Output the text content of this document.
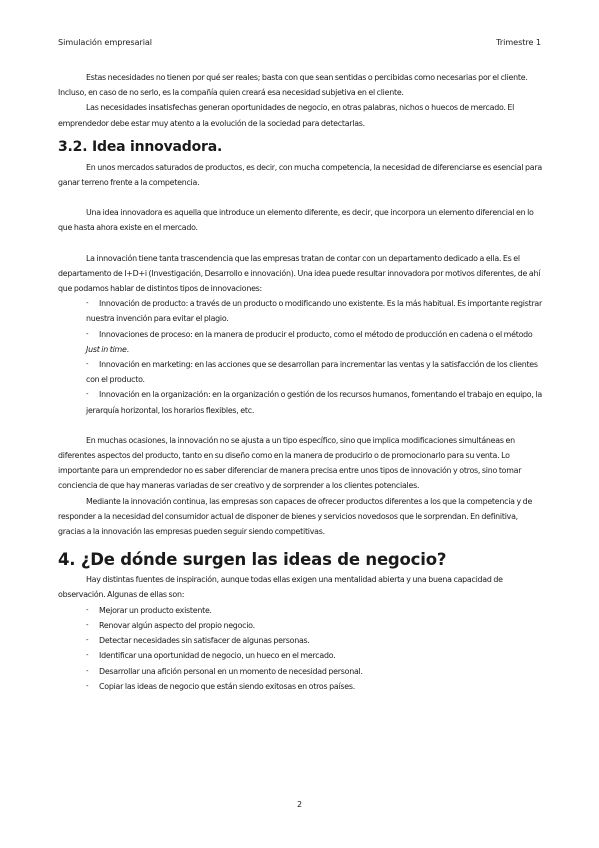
Simulación empresarial	Trimestre 1

Estas necesidades no tienen por qué ser reales; basta con que sean sentidas o percibidas como necesarias por el cliente. Incluso, en caso de no serlo, es la compañía quien creará esa necesidad subjetiva en el cliente.

Las necesidades insatisfechas generan oportunidades de negocio, en otras palabras, nichos o huecos de mercado. El emprendedor debe estar muy atento a la evolución de la sociedad para detectarlas.

3.2. Idea innovadora.

En unos mercados saturados de productos, es decir, con mucha competencia, la necesidad de diferenciarse es esencial para ganar terreno frente a la competencia.

Una idea innovadora es aquella que introduce un elemento diferente, es decir, que incorpora un elemento diferencial en lo que hasta ahora existe en el mercado.

La innovación tiene tanta trascendencia que las empresas tratan de contar con un departamento dedicado a ella. Es el departamento de I+D+i (Investigación, Desarrollo e innovación). Una idea puede resultar innovadora por motivos diferentes, de ahí que podamos hablar de distintos tipos de innovaciones:

- Innovación de producto: a través de un producto o modificando uno existente. Es la más habitual. Es importante registrar nuestra invención para evitar el plagio.
- Innovaciones de proceso: en la manera de producir el producto, como el método de producción en cadena o el método Just in time.
- Innovación en marketing: en las acciones que se desarrollan para incrementar las ventas y la satisfacción de los clientes con el producto.
- Innovación en la organización: en la organización o gestión de los recursos humanos, fomentando el trabajo en equipo, la jerarquía horizontal, los horarios flexibles, etc.

En muchas ocasiones, la innovación no se ajusta a un tipo específico, sino que implica modificaciones simultáneas en diferentes aspectos del producto, tanto en su diseño como en la manera de producirlo o de promocionarlo para su venta. Lo importante para un emprendedor no es saber diferenciar de manera precisa entre unos tipos de innovación y otros, sino tomar conciencia de que hay maneras variadas de ser creativo y de sorprender a los clientes potenciales.

Mediante la innovación continua, las empresas son capaces de ofrecer productos diferentes a los que la competencia y de responder a la necesidad del consumidor actual de disponer de bienes y servicios novedosos que le sorprendan. En definitiva, gracias a la innovación las empresas pueden seguir siendo competitivas.

4. ¿De dónde surgen las ideas de negocio?

Hay distintas fuentes de inspiración, aunque todas ellas exigen una mentalidad abierta y una buena capacidad de observación. Algunas de ellas son:

- Mejorar un producto existente.
- Renovar algún aspecto del propio negocio.
- Detectar necesidades sin satisfacer de algunas personas.
- Identificar una oportunidad de negocio, un hueco en el mercado.
- Desarrollar una afición personal en un momento de necesidad personal.
- Copiar las ideas de negocio que están siendo exitosas en otros países.
2
